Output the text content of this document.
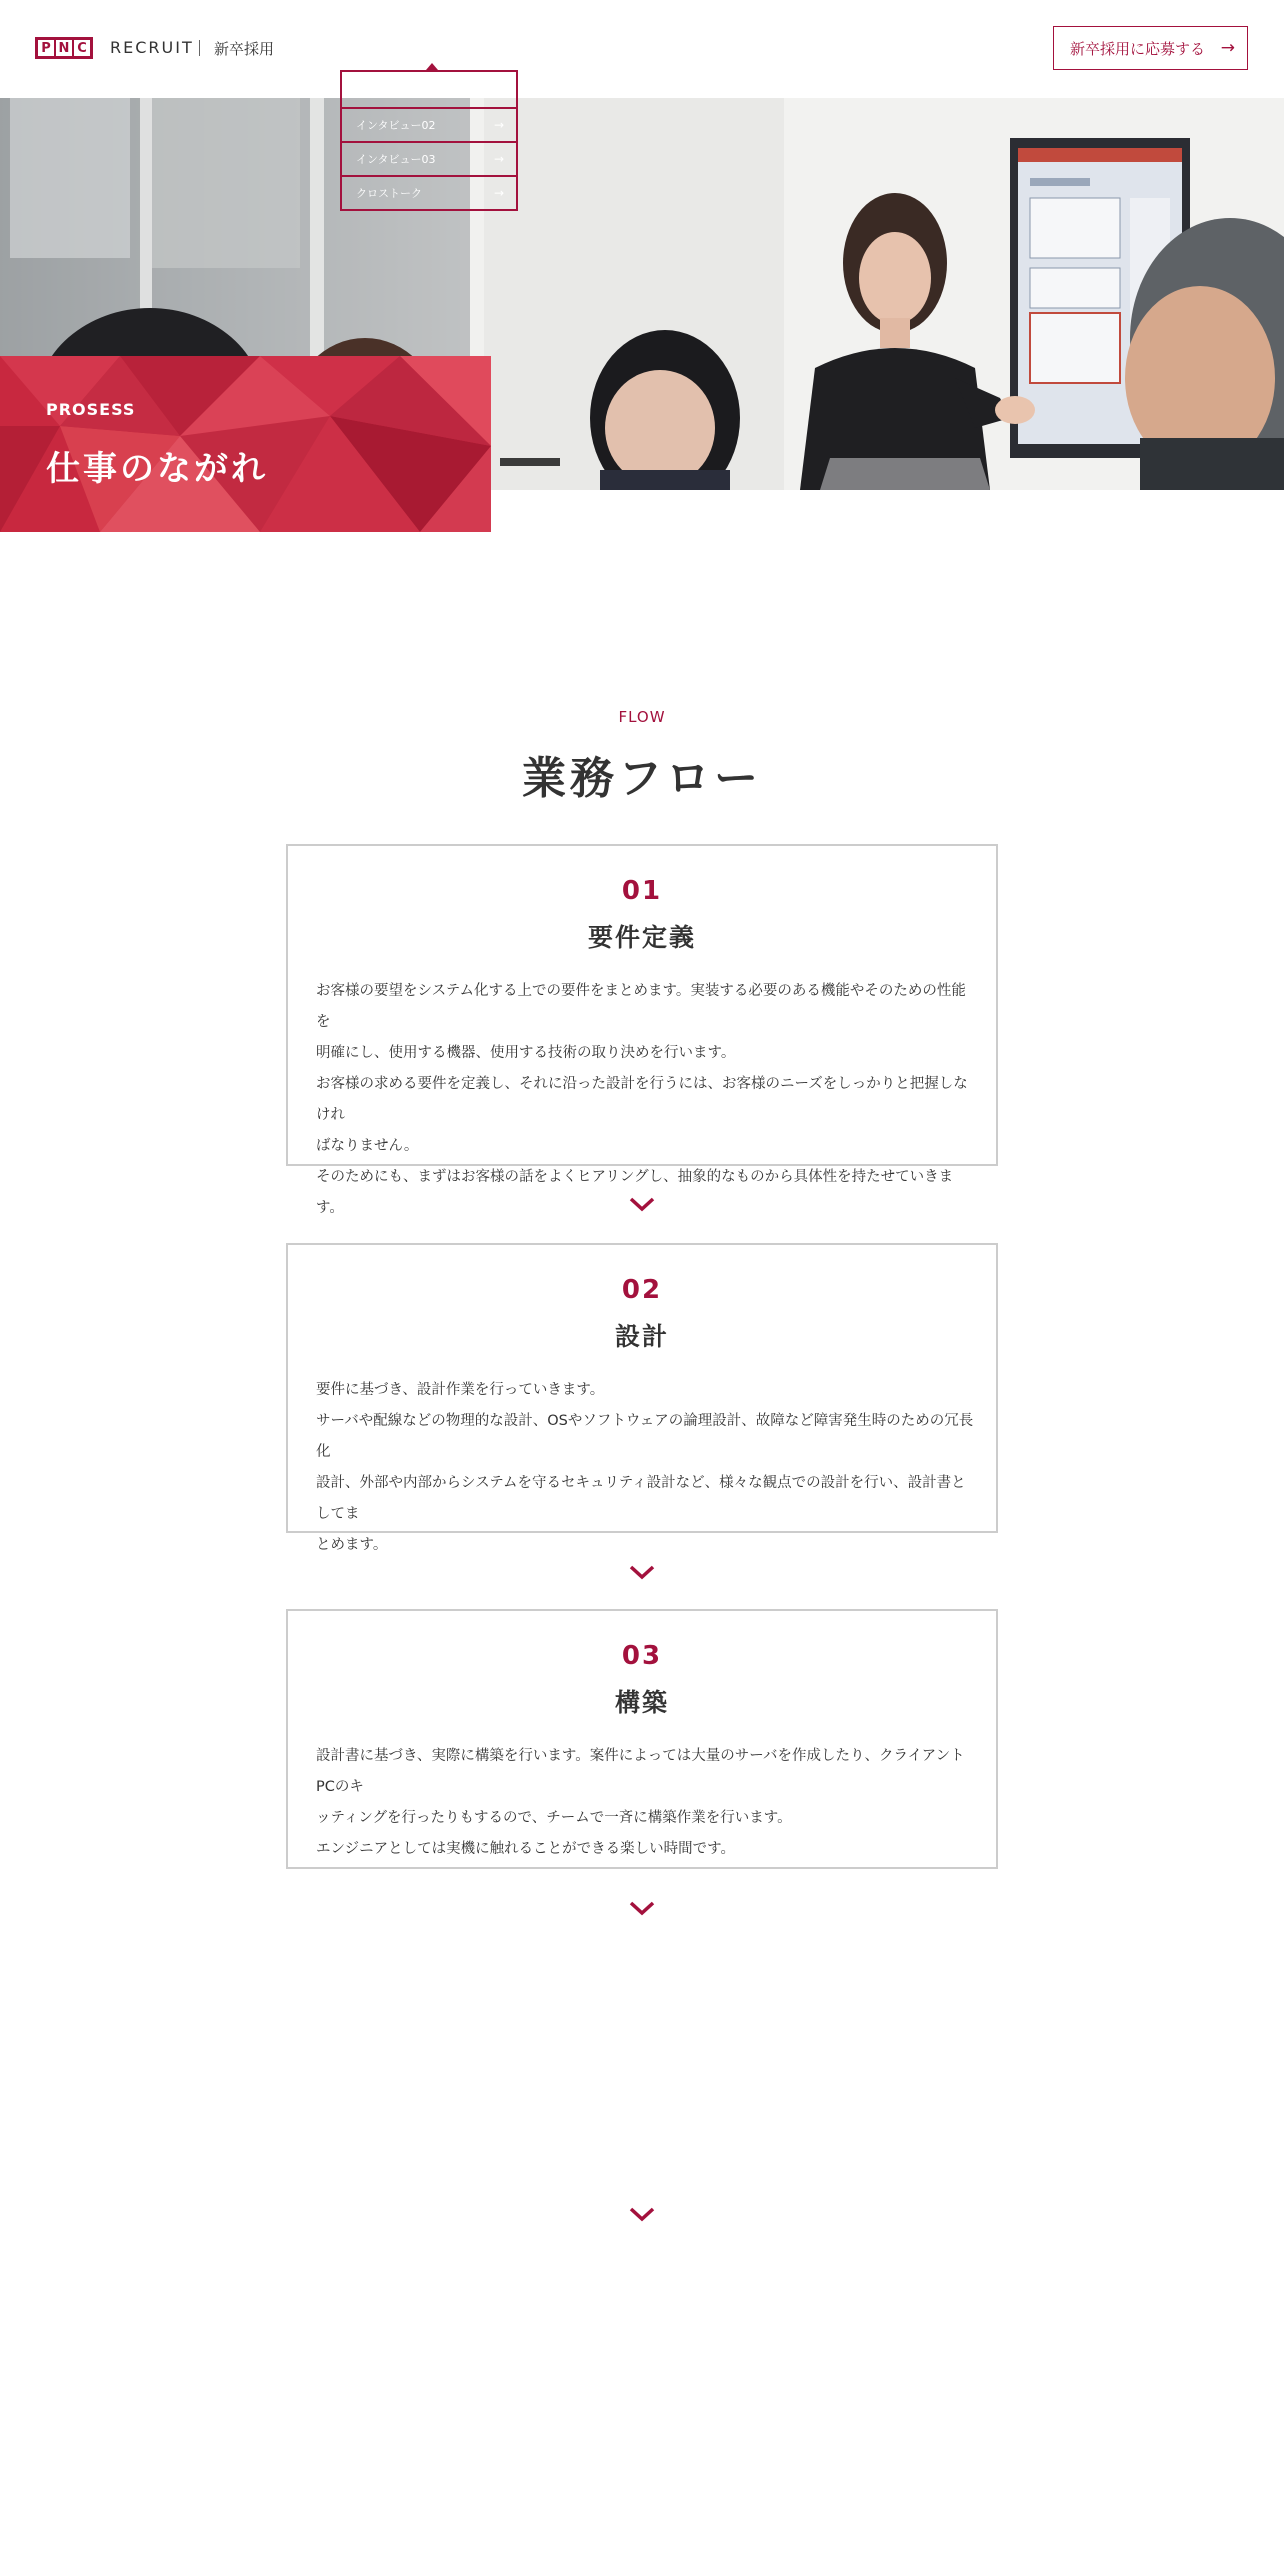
P N C RECRUIT 新卒採用	新卒採用に応募する →
インタビュー02	→
インタビュー03	→
クロストーク	→
PROSESS
仕事のながれ
FLOW
業務フロー
01
要件定義

お客様の要望をシステム化する上での要件をまとめます。実装する必要のある機能やそのための性能を

明確にし、使用する機器、使用する技術の取り決めを行います。

お客様の求める要件を定義し、それに沿った設計を行うには、お客様のニーズをしっかりと把握しなけれ

ばなりません。

そのためにも、まずはお客様の話をよくヒアリングし、抽象的なものから具体性を持たせていきます。

02
設計

要件に基づき、設計作業を行っていきます。

サーバや配線などの物理的な設計、OSやソフトウェアの論理設計、故障など障害発生時のための冗長化

設計、外部や内部からシステムを守るセキュリティ設計など、様々な観点での設計を行い、設計書としてま

とめます。

03
構築

設計書に基づき、実際に構築を行います。案件によっては大量のサーバを作成したり、クライアントPCのキ

ッティングを行ったりもするので、チームで一斉に構築作業を行います。

エンジニアとしては実機に触れることができる楽しい時間です。
